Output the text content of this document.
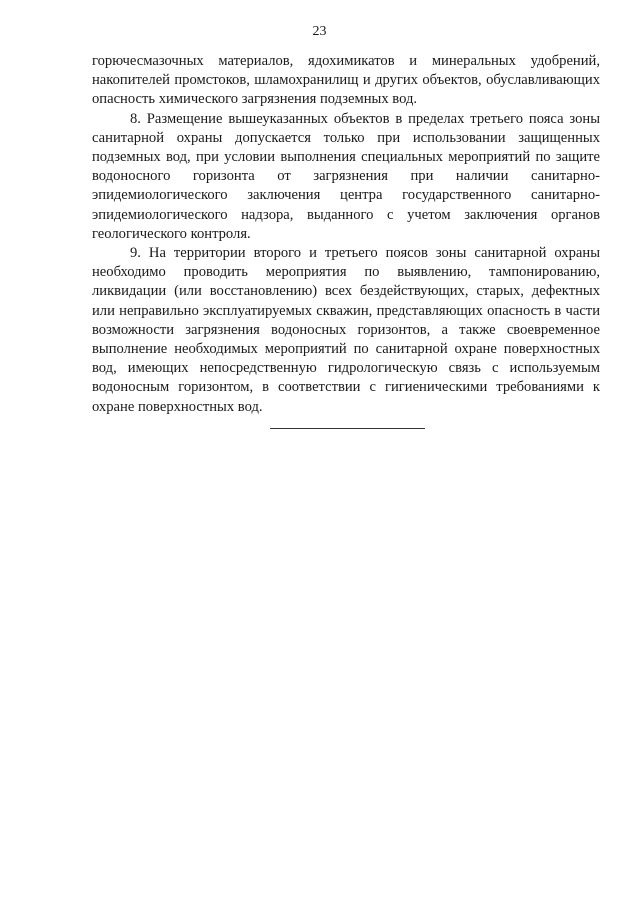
23

горючесмазочных материалов, ядохимикатов и минеральных удобрений, накопителей промстоков, шламохранилищ и других объектов, обуславливающих опасность химического загрязнения подземных вод.

8. Размещение вышеуказанных объектов в пределах третьего пояса зоны санитарной охраны допускается только при использовании защищенных подземных вод, при условии выполнения специальных мероприятий по защите водоносного горизонта от загрязнения при наличии санитарно-эпидемиологического заключения центра государственного санитарно-эпидемиологического надзора, выданного с учетом заключения органов геологического контроля.

9. На территории второго и третьего поясов зоны санитарной охраны необходимо проводить мероприятия по выявлению, тампонированию, ликвидации (или восстановлению) всех бездействующих, старых, дефектных или неправильно эксплуатируемых скважин, представляющих опасность в части возможности загрязнения водоносных горизонтов, а также своевременное выполнение необходимых мероприятий по санитарной охране поверхностных вод, имеющих непосредственную гидрологическую связь с используемым водоносным горизонтом, в соответствии с гигиеническими требованиями к охране поверхностных вод.
